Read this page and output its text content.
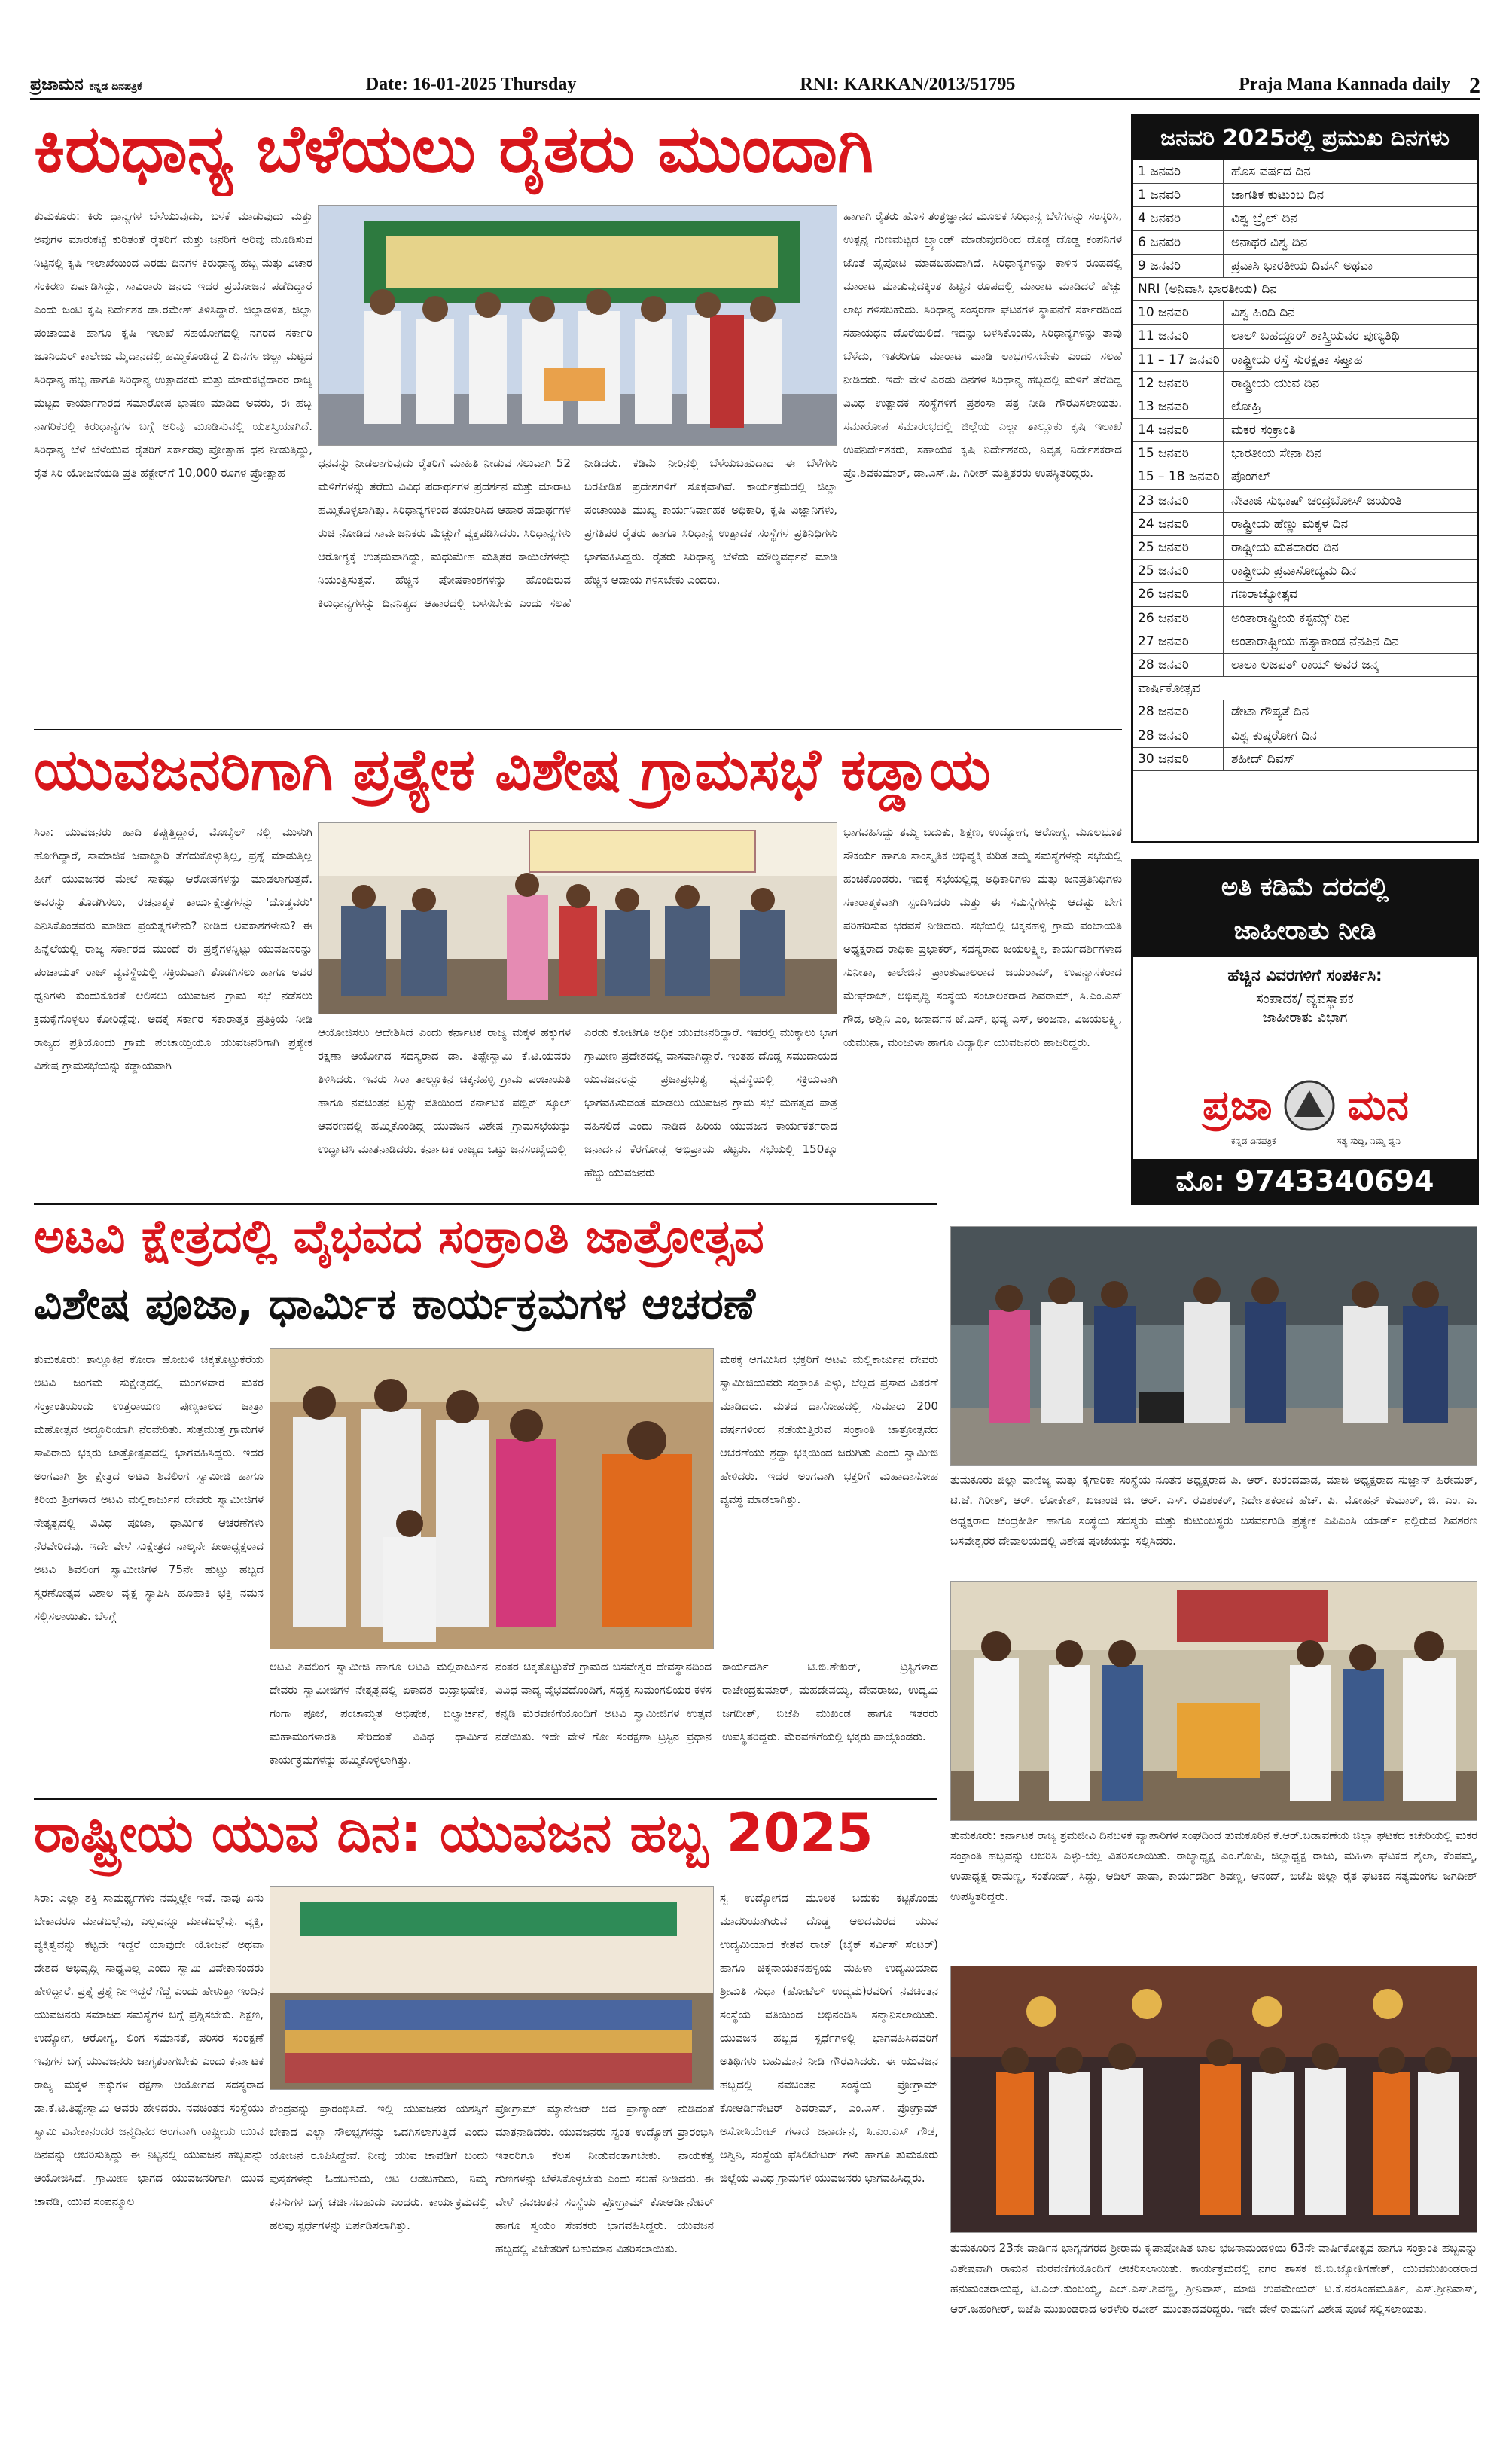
ಪ್ರಜಾಮನ ಕನ್ನಡ ದಿನಪತ್ರಿಕೆ	Date: 16-01-2025 Thursday	RNI: KARKAN/2013/51795	Praja Mana Kannada daily 2
ಕಿರುಧಾನ್ಯ ಬೆಳೆಯಲು ರೈತರು ಮುಂದಾಗಿ

ತುಮಕೂರು: ಕಿರು ಧಾನ್ಯಗಳ ಬೆಳೆಯುವುದು, ಬಳಕೆ ಮಾಡುವುದು ಮತ್ತು ಅವುಗಳ ಮಾರುಕಟ್ಟೆ ಕುರಿತಂತೆ ರೈತರಿಗೆ ಮತ್ತು ಜನರಿಗೆ ಅರಿವು ಮೂಡಿಸುವ ನಿಟ್ಟಿನಲ್ಲಿ ಕೃಷಿ ಇಲಾಖೆಯಿಂದ ಎರಡು ದಿನಗಳ ಕಿರುಧಾನ್ಯ ಹಬ್ಬ ಮತ್ತು ವಿಚಾರ ಸಂಕಿರಣ ಏರ್ಪಡಿಸಿದ್ದು, ಸಾವಿರಾರು ಜನರು ಇದರ ಪ್ರಯೋಜನ ಪಡೆದಿದ್ದಾರೆ ಎಂದು ಜಂಟಿ ಕೃಷಿ ನಿರ್ದೇಶಕ ಡಾ.ರಮೇಶ್ ತಿಳಿಸಿದ್ದಾರೆ. ಜಿಲ್ಲಾಡಳಿತ, ಜಿಲ್ಲಾ ಪಂಚಾಯಿತಿ ಹಾಗೂ ಕೃಷಿ ಇಲಾಖೆ ಸಹಯೋಗದಲ್ಲಿ ನಗರದ ಸರ್ಕಾರಿ ಜೂನಿಯರ್ ಕಾಲೇಜು ಮೈದಾನದಲ್ಲಿ ಹಮ್ಮಿಕೊಂಡಿದ್ದ 2 ದಿನಗಳ ಜಿಲ್ಲಾ ಮಟ್ಟದ ಸಿರಿಧಾನ್ಯ ಹಬ್ಬ ಹಾಗೂ ಸಿರಿಧಾನ್ಯ ಉತ್ಪಾದಕರು ಮತ್ತು ಮಾರುಕಟ್ಟೆದಾರರ ರಾಜ್ಯ ಮಟ್ಟದ ಕಾರ್ಯಾಗಾರದ ಸಮಾರೋಪ ಭಾಷಣ ಮಾಡಿದ ಅವರು, ಈ ಹಬ್ಬ ನಾಗರಿಕರಲ್ಲಿ ಕಿರುಧಾನ್ಯಗಳ ಬಗ್ಗೆ ಅರಿವು ಮೂಡಿಸುವಲ್ಲಿ ಯಶಸ್ವಿಯಾಗಿದೆ. ಸಿರಿಧಾನ್ಯ ಬೆಳೆ ಬೆಳೆಯುವ ರೈತರಿಗೆ ಸರ್ಕಾರವು ಪ್ರೋತ್ಸಾಹ ಧನ ನೀಡುತ್ತಿದ್ದು, ರೈತ ಸಿರಿ ಯೋಜನೆಯಡಿ ಪ್ರತಿ ಹೆಕ್ಟೇರ್‌ಗೆ 10,000 ರೂಗಳ ಪ್ರೋತ್ಸಾಹ

ಧನವನ್ನು ನೀಡಲಾಗುವುದು ರೈತರಿಗೆ ಮಾಹಿತಿ ನೀಡುವ ಸಲುವಾಗಿ 52 ಮಳಿಗೆಗಳನ್ನು ತೆರೆದು ವಿವಿಧ ಪದಾರ್ಥಗಳ ಪ್ರದರ್ಶನ ಮತ್ತು ಮಾರಾಟ ಹಮ್ಮಿಕೊಳ್ಳಲಾಗಿತ್ತು. ಸಿರಿಧಾನ್ಯಗಳಿಂದ ತಯಾರಿಸಿದ ಆಹಾರ ಪದಾರ್ಥಗಳ ರುಚಿ ನೋಡಿದ ಸಾರ್ವಜನಿಕರು ಮೆಚ್ಚುಗೆ ವ್ಯಕ್ತಪಡಿಸಿದರು. ಸಿರಿಧಾನ್ಯಗಳು ಆರೋಗ್ಯಕ್ಕೆ ಉತ್ತಮವಾಗಿದ್ದು, ಮಧುಮೇಹ ಮತ್ತಿತರ ಕಾಯಿಲೆಗಳನ್ನು ನಿಯಂತ್ರಿಸುತ್ತವೆ. ಹೆಚ್ಚಿನ ಪೋಷಕಾಂಶಗಳನ್ನು ಹೊಂದಿರುವ ಕಿರುಧಾನ್ಯಗಳನ್ನು ದಿನನಿತ್ಯದ ಆಹಾರದಲ್ಲಿ ಬಳಸಬೇಕು ಎಂದು ಸಲಹೆ ನೀಡಿದರು. ಕಡಿಮೆ ನೀರಿನಲ್ಲಿ ಬೆಳೆಯಬಹುದಾದ ಈ ಬೆಳೆಗಳು ಬರಪೀಡಿತ ಪ್ರದೇಶಗಳಿಗೆ ಸೂಕ್ತವಾಗಿವೆ. ಕಾರ್ಯಕ್ರಮದಲ್ಲಿ ಜಿಲ್ಲಾ ಪಂಚಾಯಿತಿ ಮುಖ್ಯ ಕಾರ್ಯನಿರ್ವಾಹಕ ಅಧಿಕಾರಿ, ಕೃಷಿ ವಿಜ್ಞಾನಿಗಳು, ಪ್ರಗತಿಪರ ರೈತರು ಹಾಗೂ ಸಿರಿಧಾನ್ಯ ಉತ್ಪಾದಕ ಸಂಸ್ಥೆಗಳ ಪ್ರತಿನಿಧಿಗಳು ಭಾಗವಹಿಸಿದ್ದರು. ರೈತರು ಸಿರಿಧಾನ್ಯ ಬೆಳೆದು ಮೌಲ್ಯವರ್ಧನೆ ಮಾಡಿ ಹೆಚ್ಚಿನ ಆದಾಯ ಗಳಿಸಬೇಕು ಎಂದರು.

ಹಾಗಾಗಿ ರೈತರು ಹೊಸ ತಂತ್ರಜ್ಞಾನದ ಮೂಲಕ ಸಿರಿಧಾನ್ಯ ಬೆಳೆಗಳನ್ನು ಸಂಸ್ಕರಿಸಿ, ಉತ್ಪನ್ನ ಗುಣಮಟ್ಟದ ಬ್ರ್ಯಾಂಡ್ ಮಾಡುವುದರಿಂದ ದೊಡ್ಡ ದೊಡ್ಡ ಕಂಪನಿಗಳ ಜೊತೆ ಪೈಪೋಟಿ ಮಾಡಬಹುದಾಗಿದೆ. ಸಿರಿಧಾನ್ಯಗಳನ್ನು ಕಾಳಿನ ರೂಪದಲ್ಲಿ ಮಾರಾಟ ಮಾಡುವುದಕ್ಕಿಂತ ಹಿಟ್ಟಿನ ರೂಪದಲ್ಲಿ ಮಾರಾಟ ಮಾಡಿದರೆ ಹೆಚ್ಚು ಲಾಭ ಗಳಿಸಬಹುದು. ಸಿರಿಧಾನ್ಯ ಸಂಸ್ಕರಣಾ ಘಟಕಗಳ ಸ್ಥಾಪನೆಗೆ ಸರ್ಕಾರದಿಂದ ಸಹಾಯಧನ ದೊರೆಯಲಿದೆ. ಇದನ್ನು ಬಳಸಿಕೊಂಡು, ಸಿರಿಧಾನ್ಯಗಳನ್ನು ತಾವು ಬೆಳೆದು, ಇತರರಿಗೂ ಮಾರಾಟ ಮಾಡಿ ಲಾಭಗಳಿಸಬೇಕು ಎಂದು ಸಲಹೆ ನೀಡಿದರು. ಇದೇ ವೇಳೆ ಎರಡು ದಿನಗಳ ಸಿರಿಧಾನ್ಯ ಹಬ್ಬದಲ್ಲಿ ಮಳಿಗೆ ತೆರೆದಿದ್ದ ವಿವಿಧ ಉತ್ಪಾದಕ ಸಂಸ್ಥೆಗಳಿಗೆ ಪ್ರಶಂಸಾ ಪತ್ರ ನೀಡಿ ಗೌರವಿಸಲಾಯಿತು. ಸಮಾರೋಪ ಸಮಾರಂಭದಲ್ಲಿ ಜಿಲ್ಲೆಯ ಎಲ್ಲಾ ತಾಲ್ಲೂಕು ಕೃಷಿ ಇಲಾಖೆ ಉಪನಿರ್ದೇಶಕರು, ಸಹಾಯಕ ಕೃಷಿ ನಿರ್ದೇಶಕರು, ನಿವೃತ್ತ ನಿರ್ದೇಶಕರಾದ ಪ್ರೊ.ಶಿವಕುಮಾರ್, ಡಾ.ಎಸ್.ಪಿ. ಗಿರೀಶ್ ಮತ್ತಿತರರು ಉಪಸ್ಥಿತರಿದ್ದರು.

ಜನವರಿ 2025ರಲ್ಲಿ ಪ್ರಮುಖ ದಿನಗಳು
1 ಜನವರಿ	ಹೊಸ ವರ್ಷದ ದಿನ
1 ಜನವರಿ	ಜಾಗತಿಕ ಕುಟುಂಬ ದಿನ
4 ಜನವರಿ	ವಿಶ್ವ ಬ್ರೈಲ್ ದಿನ
6 ಜನವರಿ	ಅನಾಥರ ವಿಶ್ವ ದಿನ
9 ಜನವರಿ	ಪ್ರವಾಸಿ ಭಾರತೀಯ ದಿವಸ್ ಅಥವಾ
NRI (ಅನಿವಾಸಿ ಭಾರತೀಯ) ದಿನ
10 ಜನವರಿ	ವಿಶ್ವ ಹಿಂದಿ ದಿನ
11 ಜನವರಿ	ಲಾಲ್ ಬಹದ್ದೂರ್ ಶಾಸ್ತ್ರಿಯವರ ಪುಣ್ಯತಿಥಿ
11 – 17 ಜನವರಿ ರಾಷ್ಟ್ರೀಯ ರಸ್ತೆ ಸುರಕ್ಷತಾ ಸಪ್ತಾಹ
12 ಜನವರಿ	ರಾಷ್ಟ್ರೀಯ ಯುವ ದಿನ
13 ಜನವರಿ	ಲೋಹ್ರಿ
14 ಜನವರಿ	ಮಕರ ಸಂಕ್ರಾಂತಿ
15 ಜನವರಿ	ಭಾರತೀಯ ಸೇನಾ ದಿನ
15 – 18 ಜನವರಿ ಪೊಂಗಲ್
23 ಜನವರಿ	ನೇತಾಜಿ ಸುಭಾಷ್ ಚಂದ್ರಬೋಸ್ ಜಯಂತಿ
24 ಜನವರಿ	ರಾಷ್ಟ್ರೀಯ ಹೆಣ್ಣು ಮಕ್ಕಳ ದಿನ
25 ಜನವರಿ	ರಾಷ್ಟ್ರೀಯ ಮತದಾರರ ದಿನ
25 ಜನವರಿ	ರಾಷ್ಟ್ರೀಯ ಪ್ರವಾಸೋದ್ಯಮ ದಿನ
26 ಜನವರಿ	ಗಣರಾಜ್ಯೋತ್ಸವ
26 ಜನವರಿ	ಅಂತಾರಾಷ್ಟ್ರೀಯ ಕಸ್ಟಮ್ಸ್ ದಿನ
27 ಜನವರಿ	ಅಂತಾರಾಷ್ಟ್ರೀಯ ಹತ್ಯಾಕಾಂಡ ನೆನಪಿನ ದಿನ
28 ಜನವರಿ	ಲಾಲಾ ಲಜಪತ್ ರಾಯ್ ಅವರ ಜನ್ಮ
ವಾರ್ಷಿಕೋತ್ಸವ
28 ಜನವರಿ	ಡೇಟಾ ಗೌಪ್ಯತೆ ದಿನ
28 ಜನವರಿ	ವಿಶ್ವ ಕುಷ್ಠರೋಗ ದಿನ
30 ಜನವರಿ	ಶಹೀದ್ ದಿವಸ್
ಅತಿ ಕಡಿಮೆ ದರದಲ್ಲಿ
ಜಾಹೀರಾತು ನೀಡಿ
ಹೆಚ್ಚಿನ ವಿವರಗಳಿಗೆ ಸಂಪರ್ಕಿಸಿ:
ಸಂಪಾದಕ/ ವ್ಯವಸ್ಥಾಪಕ
ಜಾಹೀರಾತು ವಿಭಾಗ
ಪ್ರಜಾ ಮನ
ಕನ್ನಡ ದಿನಪತ್ರಿಕೆ	ಸತ್ಯ ಸುದ್ದಿ, ನಿಮ್ಮ ಧ್ವನಿ
ಮೊ: 9743340694
ಯುವಜನರಿಗಾಗಿ ಪ್ರತ್ಯೇಕ ವಿಶೇಷ ಗ್ರಾಮಸಭೆ ಕಡ್ಡಾಯ

ಸಿರಾ: ಯುವಜನರು ಹಾದಿ ತಪ್ಪುತ್ತಿದ್ದಾರೆ, ಮೊಬೈಲ್ ನಲ್ಲಿ ಮುಳುಗಿ ಹೋಗಿದ್ದಾರೆ, ಸಾಮಾಜಿಕ ಜವಾಬ್ದಾರಿ ತೆಗೆದುಕೊಳ್ಳುತ್ತಿಲ್ಲ, ಪ್ರಶ್ನೆ ಮಾಡುತ್ತಿಲ್ಲ ಹೀಗೆ ಯುವಜನರ ಮೇಲೆ ಸಾಕಷ್ಟು ಆರೋಪಗಳನ್ನು ಮಾಡಲಾಗುತ್ತದೆ. ಅವರನ್ನು ತೊಡಗಿಸಲು, ರಚನಾತ್ಮಕ ಕಾರ್ಯಕ್ಷೇತ್ರಗಳನ್ನು 'ದೊಡ್ಡವರು' ಎನಿಸಿಕೊಂಡವರು ಮಾಡಿದ ಪ್ರಯತ್ನಗಳೇನು? ನೀಡಿದ ಅವಕಾಶಗಳೇನು? ಈ ಹಿನ್ನೆಲೆಯಲ್ಲಿ ರಾಜ್ಯ ಸರ್ಕಾರದ ಮುಂದೆ ಈ ಪ್ರಶ್ನೆಗಳನ್ನಿಟ್ಟು ಯುವಜನರನ್ನು ಪಂಚಾಯತ್ ರಾಜ್ ವ್ಯವಸ್ಥೆಯಲ್ಲಿ ಸಕ್ರಿಯವಾಗಿ ತೊಡಗಿಸಲು ಹಾಗೂ ಅವರ ಧ್ವನಿಗಳು ಕುಂದುಕೊರತೆ ಆಲಿಸಲು ಯುವಜನ ಗ್ರಾಮ ಸಭೆ ನಡೆಸಲು ಕ್ರಮಕೈಗೊಳ್ಳಲು ಕೋರಿದ್ದೆವು. ಅದಕ್ಕೆ ಸರ್ಕಾರ ಸಕಾರಾತ್ಮಕ ಪ್ರತಿಕ್ರಿಯೆ ನೀಡಿ ರಾಜ್ಯದ ಪ್ರತಿಯೊಂದು ಗ್ರಾಮ ಪಂಚಾಯ್ತಿಯೂ ಯುವಜನರಿಗಾಗಿ ಪ್ರತ್ಯೇಕ ವಿಶೇಷ ಗ್ರಾಮಸಭೆಯನ್ನು ಕಡ್ಡಾಯವಾಗಿ

ಆಯೋಜಿಸಲು ಆದೇಶಿಸಿದೆ ಎಂದು ಕರ್ನಾಟಕ ರಾಜ್ಯ ಮಕ್ಕಳ ಹಕ್ಕುಗಳ ರಕ್ಷಣಾ ಆಯೋಗದ ಸದಸ್ಯರಾದ ಡಾ. ತಿಪ್ಪೇಸ್ವಾಮಿ ಕೆ.ಟಿ.ಯವರು ತಿಳಿಸಿದರು. ಇವರು ಸಿರಾ ತಾಲ್ಲೂಕಿನ ಚಿಕ್ಕನಹಳ್ಳಿ ಗ್ರಾಮ ಪಂಚಾಯತಿ ಹಾಗೂ ನವಚಿಂತನ ಟ್ರಸ್ಟ್ ವತಿಯಿಂದ ಕರ್ನಾಟಕ ಪಬ್ಲಿಕ್ ಸ್ಕೂಲ್ ಆವರಣದಲ್ಲಿ ಹಮ್ಮಿಕೊಂಡಿದ್ದ ಯುವಜನ ವಿಶೇಷ ಗ್ರಾಮಸಭೆಯನ್ನು ಉದ್ಘಾಟಿಸಿ ಮಾತನಾಡಿದರು. ಕರ್ನಾಟಕ ರಾಜ್ಯದ ಒಟ್ಟು ಜನಸಂಖ್ಯೆಯಲ್ಲಿ

ಎರಡು ಕೋಟಿಗೂ ಅಧಿಕ ಯುವಜನರಿದ್ದಾರೆ. ಇವರಲ್ಲಿ ಮುಕ್ಕಾಲು ಭಾಗ ಗ್ರಾಮೀಣ ಪ್ರದೇಶದಲ್ಲಿ ವಾಸವಾಗಿದ್ದಾರೆ. ಇಂತಹ ದೊಡ್ಡ ಸಮುದಾಯದ ಯುವಜನರನ್ನು ಪ್ರಜಾಪ್ರಭುತ್ವ ವ್ಯವಸ್ಥೆಯಲ್ಲಿ ಸಕ್ರಿಯವಾಗಿ ಭಾಗವಹಿಸುವಂತೆ ಮಾಡಲು ಯುವಜನ ಗ್ರಾಮ ಸಭೆ ಮಹತ್ವದ ಪಾತ್ರ ವಹಿಸಲಿದೆ ಎಂದು ನಾಡಿದ ಹಿರಿಯ ಯುವಜನ ಕಾರ್ಯಕರ್ತರಾದ ಜನಾರ್ದನ ಕೆರಗೋಡ್ಲ ಅಭಿಪ್ರಾಯ ಪಟ್ಟರು. ಸಭೆಯಲ್ಲಿ 150ಕ್ಕೂ ಹೆಚ್ಚು ಯುವಜನರು

ಭಾಗವಹಿಸಿದ್ದು ತಮ್ಮ ಬದುಕು, ಶಿಕ್ಷಣ, ಉದ್ಯೋಗ, ಆರೋಗ್ಯ, ಮೂಲಭೂತ ಸೌಕರ್ಯ ಹಾಗೂ ಸಾಂಸ್ಕೃತಿಕ ಅಭಿವ್ಯಕ್ತಿ ಕುರಿತ ತಮ್ಮ ಸಮಸ್ಯೆಗಳನ್ನು ಸಭೆಯಲ್ಲಿ ಹಂಚಿಕೊಂಡರು. ಇದಕ್ಕೆ ಸಭೆಯಲ್ಲಿದ್ದ ಅಧಿಕಾರಿಗಳು ಮತ್ತು ಜನಪ್ರತಿನಿಧಿಗಳು ಸಕಾರಾತ್ಮಕವಾಗಿ ಸ್ಪಂದಿಸಿದರು ಮತ್ತು ಈ ಸಮಸ್ಯೆಗಳನ್ನು ಆದಷ್ಟು ಬೇಗ ಪರಿಹರಿಸುವ ಭರವಸೆ ನೀಡಿದರು. ಸಭೆಯಲ್ಲಿ ಚಿಕ್ಕನಹಳ್ಳಿ ಗ್ರಾಮ ಪಂಚಾಯತಿ ಅಧ್ಯಕ್ಷರಾದ ರಾಧಿಕಾ ಪ್ರಭಾಕರ್, ಸದಸ್ಯರಾದ ಜಯಲಕ್ಷ್ಮೀ, ಕಾರ್ಯದರ್ಶಿಗಳಾದ ಸುನೀತಾ, ಕಾಲೇಜಿನ ಪ್ರಾಂಶುಪಾಲರಾದ ಜಯರಾಮ್, ಉಪನ್ಯಾಸಕರಾದ ಮೇಘರಾಜ್, ಅಭಿವೃದ್ಧಿ ಸಂಸ್ಥೆಯ ಸಂಚಾಲಕರಾದ ಶಿವರಾಮ್, ಸಿ.ಎಂ.ಎಸ್ ಗೌಡ, ಅಶ್ವಿನಿ ಎಂ, ಜನಾರ್ದನ ಜೆ.ಎಸ್, ಭವ್ಯ ಎಸ್, ಅಂಜನಾ, ವಿಜಯಲಕ್ಷ್ಮಿ, ಯಮುನಾ, ಮಂಜುಳಾ ಹಾಗೂ ವಿದ್ಯಾರ್ಥಿ ಯುವಜನರು ಹಾಜರಿದ್ದರು.

ಅಟವಿ ಕ್ಷೇತ್ರದಲ್ಲಿ ವೈಭವದ ಸಂಕ್ರಾಂತಿ ಜಾತ್ರೋತ್ಸವ
ವಿಶೇಷ ಪೂಜಾ, ಧಾರ್ಮಿಕ ಕಾರ್ಯಕ್ರಮಗಳ ಆಚರಣೆ

ತುಮಕೂರು: ತಾಲ್ಲೂಕಿನ ಕೋರಾ ಹೋಬಳಿ ಚಿಕ್ಕತೊಟ್ಟುಕೆರೆಯ ಅಟವಿ ಜಂಗಮ ಸುಕ್ಷೇತ್ರದಲ್ಲಿ ಮಂಗಳವಾರ ಮಕರ ಸಂಕ್ರಾಂತಿಯಂದು ಉತ್ತರಾಯಣ ಪುಣ್ಯಕಾಲದ ಜಾತ್ರಾ ಮಹೋತ್ಸವ ಅದ್ದೂರಿಯಾಗಿ ನೆರವೇರಿತು. ಸುತ್ತಮುತ್ತ ಗ್ರಾಮಗಳ ಸಾವಿರಾರು ಭಕ್ತರು ಜಾತ್ರೋತ್ಸವದಲ್ಲಿ ಭಾಗವಹಿಸಿದ್ದರು. ಇದರ ಅಂಗವಾಗಿ ಶ್ರೀ ಕ್ಷೇತ್ರದ ಅಟವಿ ಶಿವಲಿಂಗ ಸ್ವಾಮೀಜಿ ಹಾಗೂ ಕಿರಿಯ ಶ್ರೀಗಳಾದ ಅಟವಿ ಮಲ್ಲಿಕಾರ್ಜುನ ದೇವರು ಸ್ವಾಮೀಜಿಗಳ ನೇತೃತ್ವದಲ್ಲಿ ವಿವಿಧ ಪೂಜಾ, ಧಾರ್ಮಿಕ ಆಚರಣೆಗಳು ನೆರವೇರಿದವು. ಇದೇ ವೇಳೆ ಸುಕ್ಷೇತ್ರದ ನಾಲ್ಕನೇ ಪೀಠಾಧ್ಯಕ್ಷರಾದ ಅಟವಿ ಶಿವಲಿಂಗ ಸ್ವಾಮೀಜಿಗಳ 75ನೇ ಹುಟ್ಟು ಹಬ್ಬದ ಸ್ಮರಣೋತ್ಸವ ವಿಶಾಲ ವೃಕ್ಷ ಸ್ಥಾಪಿಸಿ ಹೂಹಾಕಿ ಭಕ್ತಿ ನಮನ ಸಲ್ಲಿಸಲಾಯಿತು. ಬೆಳಗ್ಗೆ

ಮಠಕ್ಕೆ ಆಗಮಿಸಿದ ಭಕ್ತರಿಗೆ ಅಟವಿ ಮಲ್ಲಿಕಾರ್ಜುನ ದೇವರು ಸ್ವಾಮೀಜಿಯವರು ಸಂಕ್ರಾಂತಿ ಎಳ್ಳು, ಬೆಲ್ಲದ ಪ್ರಸಾದ ವಿತರಣೆ ಮಾಡಿದರು. ಮಠದ ದಾಸೋಹದಲ್ಲಿ ಸುಮಾರು 200 ವರ್ಷಗಳಿಂದ ನಡೆಯುತ್ತಿರುವ ಸಂಕ್ರಾಂತಿ ಜಾತ್ರೋತ್ಸವದ ಆಚರಣೆಯು ಶ್ರದ್ಧಾ ಭಕ್ತಿಯಿಂದ ಜರುಗಿತು ಎಂದು ಸ್ವಾಮೀಜಿ ಹೇಳಿದರು. ಇದರ ಅಂಗವಾಗಿ ಭಕ್ತರಿಗೆ ಮಹಾದಾಸೋಹ ವ್ಯವಸ್ಥೆ ಮಾಡಲಾಗಿತ್ತು.

ಅಟವಿ ಶಿವಲಿಂಗ ಸ್ವಾಮೀಜಿ ಹಾಗೂ ಅಟವಿ ಮಲ್ಲಿಕಾರ್ಜುನ ದೇವರು ಸ್ವಾಮೀಜಿಗಳ ನೇತೃತ್ವದಲ್ಲಿ ಏಕಾದಶ ರುದ್ರಾಭಿಷೇಕ, ಗಂಗಾ ಪೂಜೆ, ಪಂಚಾಮೃತ ಅಭಿಷೇಕ, ಬಿಲ್ವಾರ್ಚನೆ, ಮಹಾಮಂಗಳಾರತಿ ಸೇರಿದಂತೆ ವಿವಿಧ ಧಾರ್ಮಿಕ ಕಾರ್ಯಕ್ರಮಗಳನ್ನು ಹಮ್ಮಿಕೊಳ್ಳಲಾಗಿತ್ತು.

ನಂತರ ಚಿಕ್ಕತೊಟ್ಟುಕೆರೆ ಗ್ರಾಮದ ಬಸವೇಶ್ವರ ದೇವಸ್ಥಾನದಿಂದ ವಿವಿಧ ವಾದ್ಯ ವೈಭವದೊಂದಿಗೆ, ಸದ್ಭಕ್ತ ಸುಮಂಗಲಿಯರ ಕಳಸ ಕನ್ನಡಿ ಮೆರವಣಿಗೆಯೊಂದಿಗೆ ಅಟವಿ ಸ್ವಾಮೀಜಿಗಳ ಉತ್ಸವ ನಡೆಯಿತು. ಇದೇ ವೇಳೆ ಗೋ ಸಂರಕ್ಷಣಾ ಟ್ರಸ್ಟಿನ ಪ್ರಧಾನ ಕಾರ್ಯದರ್ಶಿ ಟಿ.ಬಿ.ಶೇಖರ್, ಟ್ರಸ್ಟಿಗಳಾದ ರಾಜೇಂದ್ರಕುಮಾರ್, ಮಹದೇವಯ್ಯ, ದೇವರಾಜು, ಉದ್ಯಮಿ ಜಗದೀಶ್, ಬಿಜೆಪಿ ಮುಖಂಡ ಹಾಗೂ ಇತರರು ಉಪಸ್ಥಿತರಿದ್ದರು. ಮೆರವಣಿಗೆಯಲ್ಲಿ ಭಕ್ತರು ಪಾಲ್ಗೊಂಡರು.

ರಾಷ್ಟ್ರೀಯ ಯುವ ದಿನ: ಯುವಜನ ಹಬ್ಬ 2025

ಸಿರಾ: ಎಲ್ಲಾ ಶಕ್ತಿ ಸಾಮರ್ಥ್ಯಗಳು ನಮ್ಮಲ್ಲೇ ಇವೆ. ನಾವು ಏನು ಬೇಕಾದರೂ ಮಾಡಬಲ್ಲೆವು, ಎಲ್ಲವನ್ನೂ ಮಾಡಬಲ್ಲೆವು. ವ್ಯಕ್ತಿ, ವ್ಯಕ್ತಿತ್ವವನ್ನು ಕಟ್ಟದೇ ಇದ್ದರೆ ಯಾವುದೇ ಯೋಜನೆ ಅಥವಾ ದೇಶದ ಅಭಿವೃದ್ಧಿ ಸಾಧ್ಯವಿಲ್ಲ ಎಂದು ಸ್ವಾಮಿ ವಿವೇಕಾನಂದರು ಹೇಳಿದ್ದಾರೆ. ಪ್ರಶ್ನೆ ಪ್ರಶ್ನೆ ನೀ ಇದ್ದರೆ ಗೆದ್ದೆ ಎಂದು ಹೇಳುತ್ತಾ ಇಂದಿನ ಯುವಜನರು ಸಮಾಜದ ಸಮಸ್ಯೆಗಳ ಬಗ್ಗೆ ಪ್ರಶ್ನಿಸಬೇಕು. ಶಿಕ್ಷಣ, ಉದ್ಯೋಗ, ಆರೋಗ್ಯ, ಲಿಂಗ ಸಮಾನತೆ, ಪರಿಸರ ಸಂರಕ್ಷಣೆ ಇವುಗಳ ಬಗ್ಗೆ ಯುವಜನರು ಜಾಗೃತರಾಗಬೇಕು ಎಂದು ಕರ್ನಾಟಕ ರಾಜ್ಯ ಮಕ್ಕಳ ಹಕ್ಕುಗಳ ರಕ್ಷಣಾ ಆಯೋಗದ ಸದಸ್ಯರಾದ ಡಾ.ಕೆ.ಟಿ.ತಿಪ್ಪೇಸ್ವಾಮಿ ಅವರು ಹೇಳಿದರು. ನವಚಿಂತನ ಸಂಸ್ಥೆಯು ಸ್ವಾಮಿ ವಿವೇಕಾನಂದರ ಜನ್ಮದಿನದ ಅಂಗವಾಗಿ ರಾಷ್ಟ್ರೀಯ ಯುವ ದಿನವನ್ನು ಆಚರಿಸುತ್ತಿದ್ದು ಈ ನಿಟ್ಟಿನಲ್ಲಿ ಯುವಜನ ಹಬ್ಬವನ್ನು ಆಯೋಜಿಸಿದೆ. ಗ್ರಾಮೀಣ ಭಾಗದ ಯುವಜನರಿಗಾಗಿ ಯುವ ಚಾವಡಿ, ಯುವ ಸಂಪನ್ಮೂಲ

ಕೇಂದ್ರವನ್ನು ಪ್ರಾರಂಭಿಸಿದೆ. ಇಲ್ಲಿ ಯುವಜನರ ಯಶಸ್ಸಿಗೆ ಬೇಕಾದ ಎಲ್ಲಾ ಸೌಲಭ್ಯಗಳನ್ನು ಒದಗಿಸಲಾಗುತ್ತಿದೆ ಎಂದು ಯೋಜನೆ ರೂಪಿಸಿದ್ದೇವೆ. ನೀವು ಯುವ ಚಾವಡಿಗೆ ಬಂದು ಪುಸ್ತಕಗಳನ್ನು ಓದಬಹುದು, ಆಟ ಆಡಬಹುದು, ನಿಮ್ಮ ಕನಸುಗಳ ಬಗ್ಗೆ ಚರ್ಚಿಸಬಹುದು ಎಂದರು. ಕಾರ್ಯಕ್ರಮದಲ್ಲಿ ಹಲವು ಸ್ಪರ್ಧೆಗಳನ್ನು ಏರ್ಪಡಿಸಲಾಗಿತ್ತು.

ಪ್ರೋಗ್ರಾಮ್ ಮ್ಯಾನೇಜರ್ ಆದ ಪ್ರಾಣ್ಯಾಂಡ್ ನುಡಿದಂತೆ ಮಾತನಾಡಿದರು. ಯುವಜನರು ಸ್ವಂತ ಉದ್ಯೋಗ ಪ್ರಾರಂಭಿಸಿ ಇತರರಿಗೂ ಕೆಲಸ ನೀಡುವಂತಾಗಬೇಕು. ನಾಯಕತ್ವ ಗುಣಗಳನ್ನು ಬೆಳೆಸಿಕೊಳ್ಳಬೇಕು ಎಂದು ಸಲಹೆ ನೀಡಿದರು. ಈ ವೇಳೆ ನವಚಿಂತನ ಸಂಸ್ಥೆಯ ಪ್ರೋಗ್ರಾಮ್ ಕೋಆರ್ಡಿನೇಟರ್ ಹಾಗೂ ಸ್ವಯಂ ಸೇವಕರು ಭಾಗವಹಿಸಿದ್ದರು. ಯುವಜನ ಹಬ್ಬದಲ್ಲಿ ವಿಜೇತರಿಗೆ ಬಹುಮಾನ ವಿತರಿಸಲಾಯಿತು.

ಸ್ವ ಉದ್ಯೋಗದ ಮೂಲಕ ಬದುಕು ಕಟ್ಟಿಕೊಂಡು ಮಾದರಿಯಾಗಿರುವ ದೊಡ್ಡ ಆಲದಮರದ ಯುವ ಉದ್ಯಮಿಯಾದ ಕೇಶವ ರಾಜ್ (ಬೈಕ್ ಸರ್ವಿಸ್ ಸೆಂಟರ್) ಹಾಗೂ ಚಿಕ್ಕನಾಯಕನಹಳ್ಳಿಯ ಮಹಿಳಾ ಉದ್ಯಮಿಯಾದ ಶ್ರೀಮತಿ ಸುಧಾ (ಹೋಟೆಲ್ ಉದ್ಯಮ)ರವರಿಗೆ ನವಚಿಂತನ ಸಂಸ್ಥೆಯ ವತಿಯಿಂದ ಅಭಿನಂದಿಸಿ ಸನ್ಮಾನಿಸಲಾಯಿತು. ಯುವಜನ ಹಬ್ಬದ ಸ್ಪರ್ಧೆಗಳಲ್ಲಿ ಭಾಗವಹಿಸಿದವರಿಗೆ ಅತಿಥಿಗಳು ಬಹುಮಾನ ನೀಡಿ ಗೌರವಿಸಿದರು. ಈ ಯುವಜನ ಹಬ್ಬದಲ್ಲಿ ನವಚಿಂತನ ಸಂಸ್ಥೆಯ ಪ್ರೋಗ್ರಾಮ್ ಕೋಆರ್ಡಿನೇಟರ್ ಶಿವರಾಮ್, ಎಂ.ಎಸ್. ಪ್ರೋಗ್ರಾಮ್ ಅಸೋಸಿಯೇಟ್ ಗಳಾದ ಜನಾರ್ದನ, ಸಿ.ಎಂ.ಎಸ್ ಗೌಡ, ಅಶ್ವಿನಿ, ಸಂಸ್ಥೆಯ ಫೆಸಿಲಿಟೇಟರ್ ಗಳು ಹಾಗೂ ತುಮಕೂರು ಜಿಲ್ಲೆಯ ವಿವಿಧ ಗ್ರಾಮಗಳ ಯುವಜನರು ಭಾಗವಹಿಸಿದ್ದರು.

ತುಮಕೂರು ಜಿಲ್ಲಾ ವಾಣಿಜ್ಯ ಮತ್ತು ಕೈಗಾರಿಕಾ ಸಂಸ್ಥೆಯ ನೂತನ ಅಧ್ಯಕ್ಷರಾದ ಪಿ. ಆರ್. ಕುರಂದವಾಡ, ಮಾಜಿ ಅಧ್ಯಕ್ಷರಾದ ಸುಜ್ಞಾನ್ ಹಿರೇಮಠ್, ಟಿ.ಜೆ. ಗಿರೀಶ್, ಆರ್. ಲೋಕೇಶ್, ಖಜಾಂಚಿ ಜಿ. ಆರ್. ಎಸ್. ರವಿಶಂಕರ್, ನಿರ್ದೇಶಕರಾದ ಹೆಚ್. ಪಿ. ಮೋಹನ್ ಕುಮಾರ್, ಜಿ. ಎಂ. ಎ. ಅಧ್ಯಕ್ಷರಾದ ಚಂದ್ರಕೀರ್ತಿ ಹಾಗೂ ಸಂಸ್ಥೆಯ ಸದಸ್ಯರು ಮತ್ತು ಕುಟುಂಬಸ್ಥರು ಬಸವನಗುಡಿ ಪ್ರತ್ಯೇಕ ಎಪಿಎಂಸಿ ಯಾರ್ಡ್ ನಲ್ಲಿರುವ ಶಿವಶರಣ ಬಸವೇಶ್ವರರ ದೇವಾಲಯದಲ್ಲಿ ವಿಶೇಷ ಪೂಜೆಯನ್ನು ಸಲ್ಲಿಸಿದರು.

ತುಮಕೂರು: ಕರ್ನಾಟಕ ರಾಜ್ಯ ಶ್ರಮಜೀವಿ ದಿನಬಳಕೆ ವ್ಯಾಪಾರಿಗಳ ಸಂಘದಿಂದ ತುಮಕೂರಿನ ಕೆ.ಆರ್.ಬಡಾವಣೆಯ ಜಿಲ್ಲಾ ಘಟಕದ ಕಚೇರಿಯಲ್ಲಿ ಮಕರ ಸಂಕ್ರಾಂತಿ ಹಬ್ಬವನ್ನು ಆಚರಿಸಿ ಎಳ್ಳು-ಬೆಲ್ಲ ವಿತರಿಸಲಾಯಿತು. ರಾಜ್ಯಾಧ್ಯಕ್ಷ ಎಂ.ಗೋಪಿ, ಜಿಲ್ಲಾಧ್ಯಕ್ಷ ರಾಜು, ಮಹಿಳಾ ಘಟಕದ ಶೈಲಾ, ಕೆಂಪಮ್ಮ, ಉಪಾಧ್ಯಕ್ಷ ರಾಮಣ್ಣ, ಸಂತೋಷ್, ಸಿದ್ದು, ಆದಿಲ್ ಪಾಷಾ, ಕಾರ್ಯದರ್ಶಿ ಶಿವಣ್ಣ, ಆನಂದ್, ಬಿಜೆಪಿ ಜಿಲ್ಲಾ ರೈತ ಘಟಕದ ಸತ್ಯಮಂಗಲ ಜಗದೀಶ್ ಉಪಸ್ಥಿತರಿದ್ದರು.

ತುಮಕೂರಿನ 23ನೇ ವಾರ್ಡಿನ ಭಾಗ್ಯನಗರದ ಶ್ರೀರಾಮ ಕೃಪಾಪೋಷಿತ ಬಾಲ ಭಜನಾಮಂಡಳಿಯ 63ನೇ ವಾರ್ಷಿಕೋತ್ಸವ ಹಾಗೂ ಸಂಕ್ರಾಂತಿ ಹಬ್ಬವನ್ನು ವಿಶೇಷವಾಗಿ ರಾಮನ ಮೆರವಣಿಗೆಯೊಂದಿಗೆ ಆಚರಿಸಲಾಯಿತು. ಕಾರ್ಯಕ್ರಮದಲ್ಲಿ ನಗರ ಶಾಸಕ ಜಿ.ಬಿ.ಜ್ಯೋತಿಗಣೇಶ್, ಯುವಮುಖಂಡರಾದ ಹನುಮಂತರಾಯಪ್ಪ, ಟಿ.ಎಲ್.ಕುಂಬಯ್ಯ, ಎಲ್.ಎಸ್.ಶಿವಣ್ಣ, ಶ್ರೀನಿವಾಸ್, ಮಾಜಿ ಉಪಮೇಯರ್ ಟಿ.ಕೆ.ನರಸಿಂಹಮೂರ್ತಿ, ಎಸ್.ಶ್ರೀನಿವಾಸ್, ಆರ್.ಜಹಂಗೀರ್, ಬಿಜೆಪಿ ಮುಖಂಡರಾದ ಅರಳೇರಿ ರವೀಶ್ ಮುಂತಾದವರಿದ್ದರು. ಇದೇ ವೇಳೆ ರಾಮನಿಗೆ ವಿಶೇಷ ಪೂಜೆ ಸಲ್ಲಿಸಲಾಯಿತು.
